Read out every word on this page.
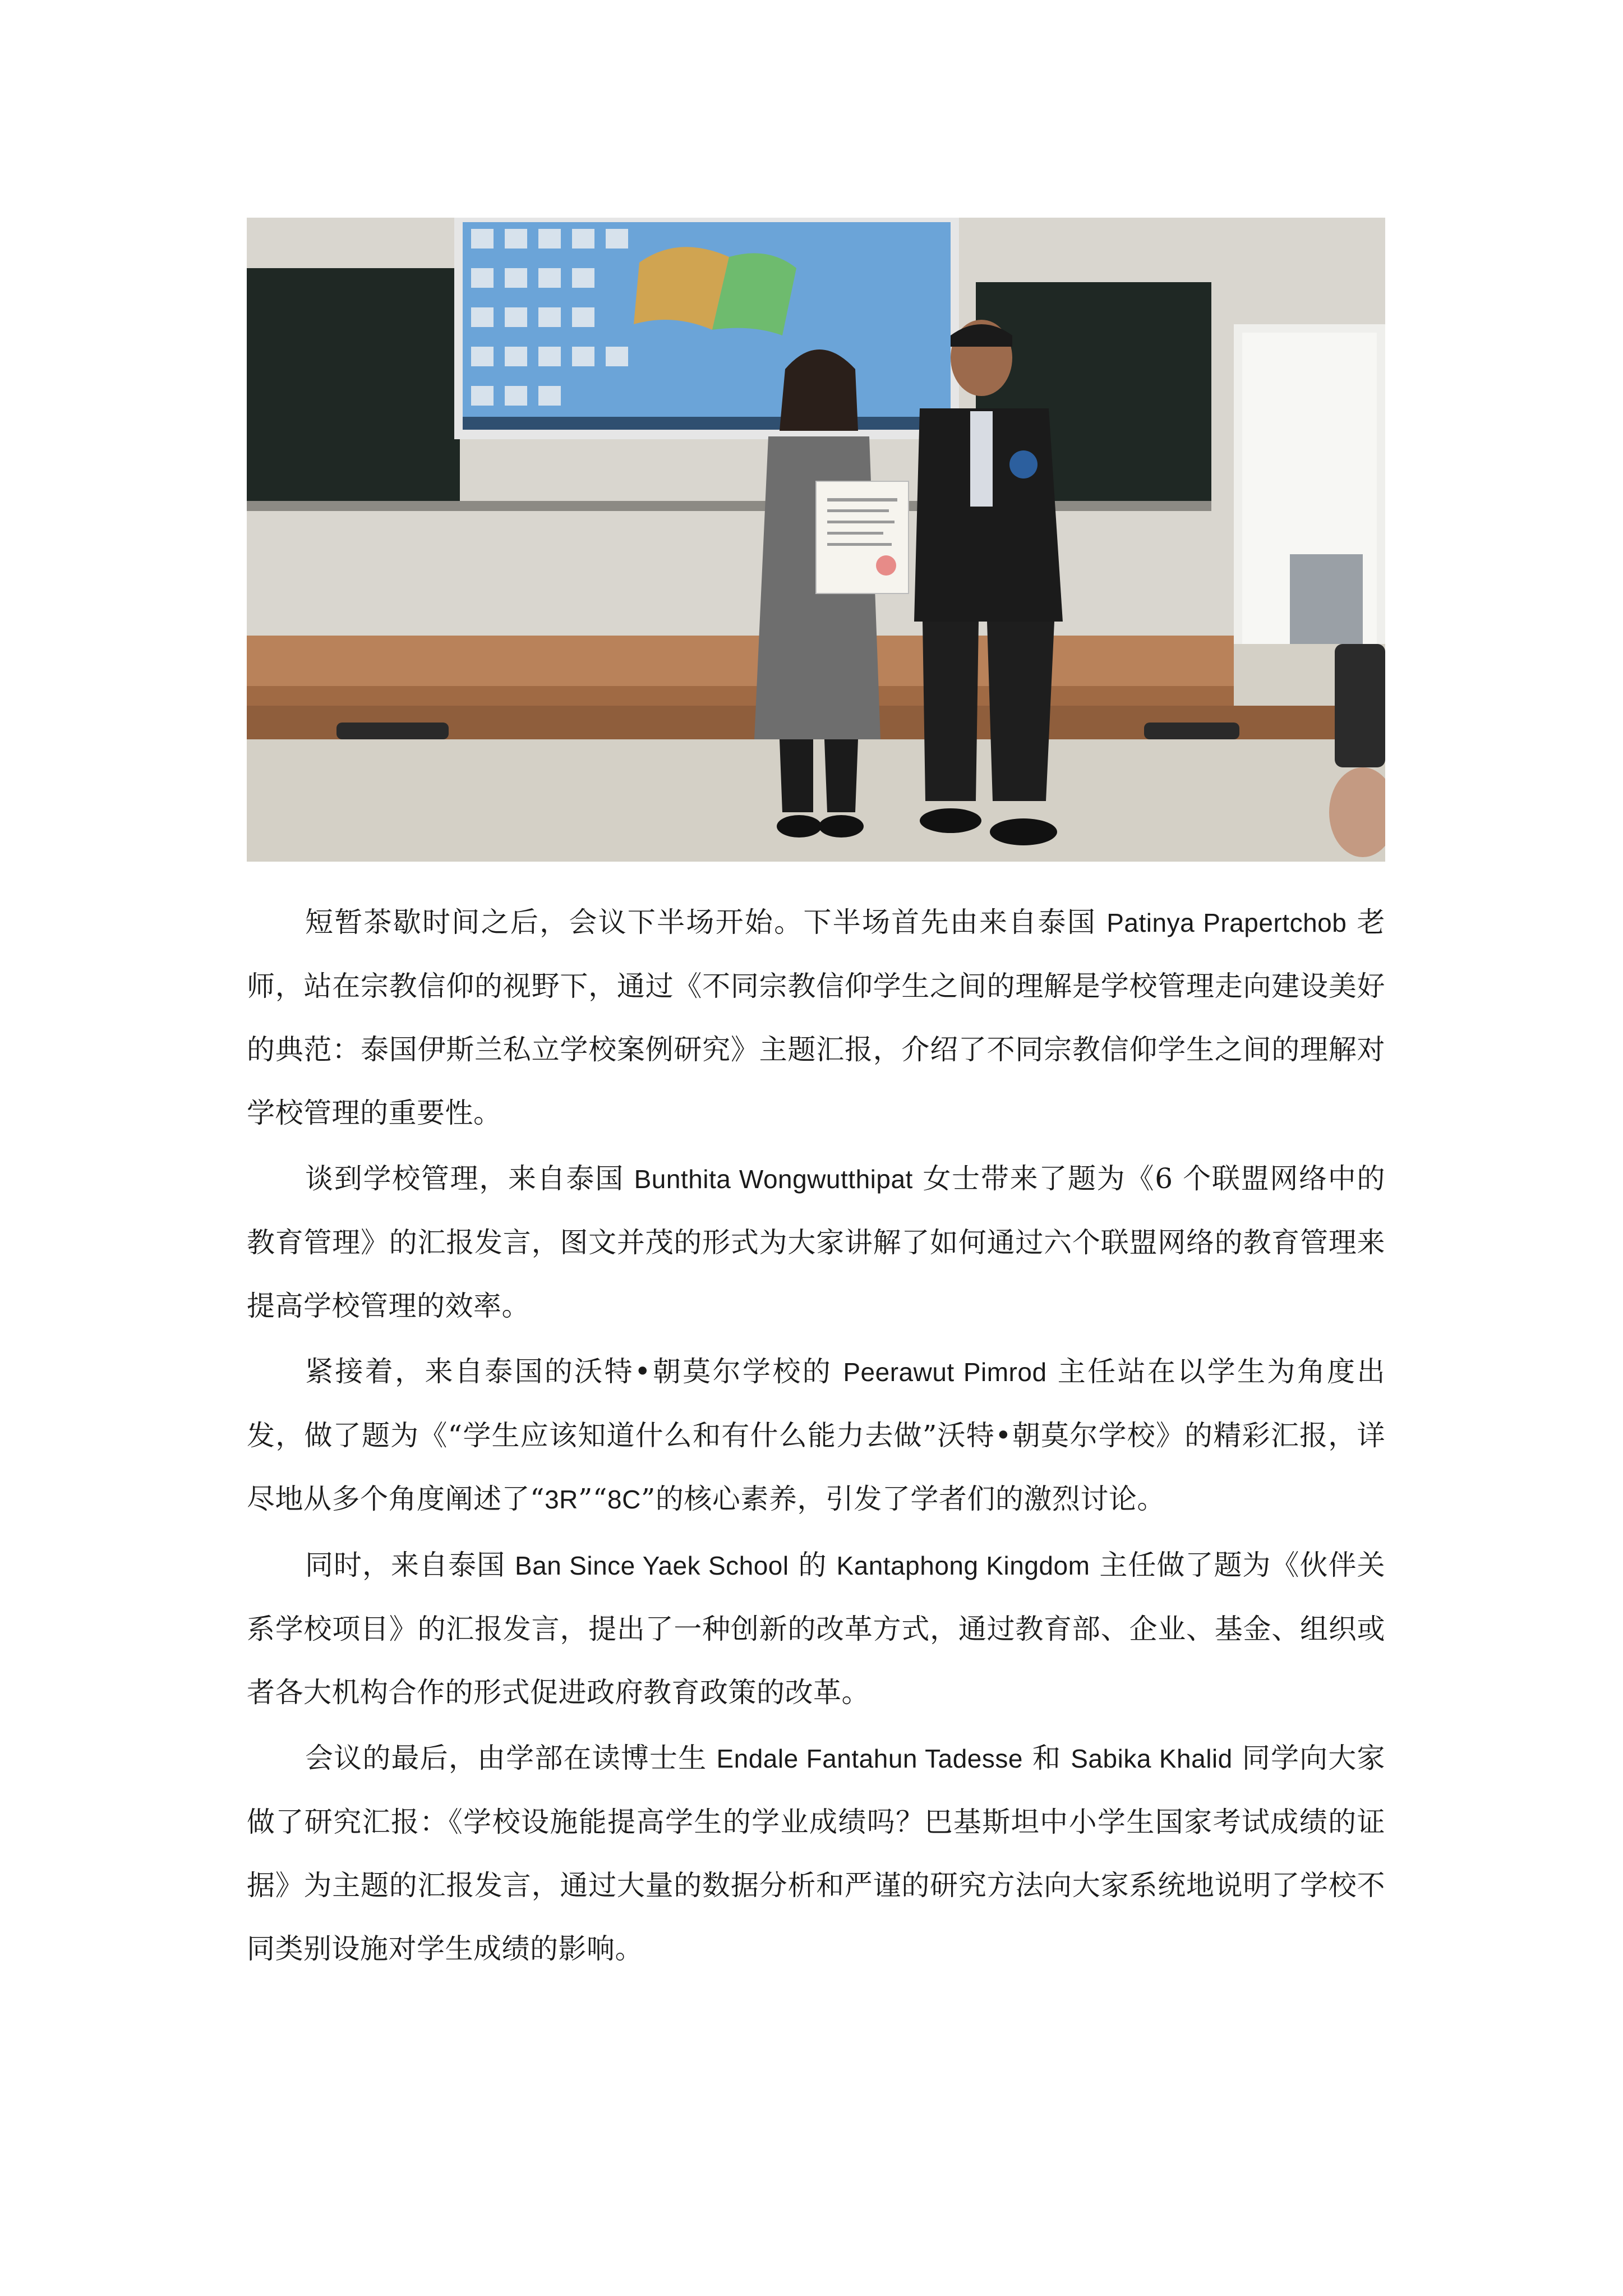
短暂茶歇时间之后，会议下半场开始。下半场首先由来自泰国 Patinya Prapertchob 老师，站在宗教信仰的视野下，通过《不同宗教信仰学生之间的理解是学校管理走向建设美好的典范：泰国伊斯兰私立学校案例研究》主题汇报，介绍了不同宗教信仰学生之间的理解对学校管理的重要性。

谈到学校管理，来自泰国 Bunthita Wongwutthipat 女士带来了题为《6 个联盟网络中的教育管理》的汇报发言，图文并茂的形式为大家讲解了如何通过六个联盟网络的教育管理来提高学校管理的效率。

紧接着，来自泰国的沃特•朝莫尔学校的 Peerawut Pimrod 主任站在以学生为角度出发，做了题为《“学生应该知道什么和有什么能力去做”沃特•朝莫尔学校》的精彩汇报，详尽地从多个角度阐述了“3R”“8C”的核心素养，引发了学者们的激烈讨论。

同时，来自泰国 Ban Since Yaek School 的 Kantaphong Kingdom 主任做了题为《伙伴关系学校项目》的汇报发言，提出了一种创新的改革方式，通过教育部、企业、基金、组织或者各大机构合作的形式促进政府教育政策的改革。

会议的最后，由学部在读博士生 Endale Fantahun Tadesse 和 Sabika Khalid 同学向大家做了研究汇报：《学校设施能提高学生的学业成绩吗？巴基斯坦中小学生国家考试成绩的证据》为主题的汇报发言，通过大量的数据分析和严谨的研究方法向大家系统地说明了学校不同类别设施对学生成绩的影响。
